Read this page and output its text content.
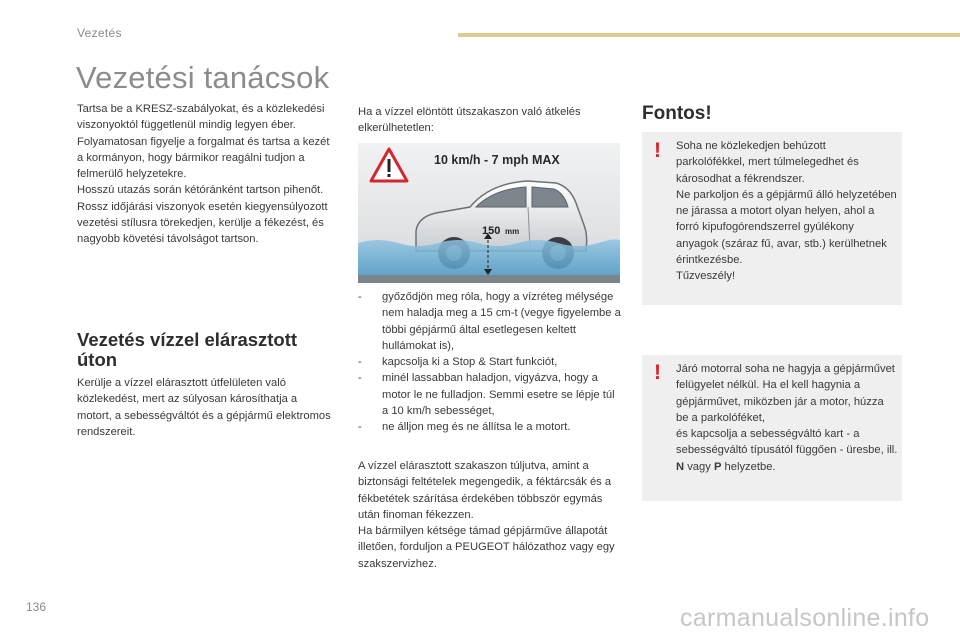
Vezetés
Vezetési tanácsok

Tartsa be a KRESZ-szabályokat, és a közlekedési viszonyoktól függetlenül mindig legyen éber.

Folyamatosan figyelje a forgalmat és tartsa a kezét a kormányon, hogy bármikor reagálni tudjon a felmerülő helyzetekre.

Hosszú utazás során kétóránként tartson pihenőt.

Rossz időjárási viszonyok esetén kiegyensúlyozott vezetési stílusra törekedjen, kerülje a fékezést, és nagyobb követési távolságot tartson.

Vezetés vízzel elárasztott úton
Kerülje a vízzel elárasztott útfelületen való közlekedést, mert az súlyosan károsíthatja a motort, a sebességváltót és a gépjármű elektromos rendszereit.
Ha a vízzel elöntött útszakaszon való átkelés elkerülhetetlen:
10 km/h - 7 mph MAX
150 mm
-	győződjön meg róla, hogy a vízréteg mélysége nem haladja meg a 15 cm-t (vegye figyelembe a többi gépjármű által esetlegesen keltett hullámokat is),
-	kapcsolja ki a Stop & Start funkciót,
-	minél lassabban haladjon, vigyázva, hogy a motor le ne fulladjon. Semmi esetre se lépje túl a 10 km/h sebességet,
-	ne álljon meg és ne állítsa le a motort.

A vízzel elárasztott szakaszon túljutva, amint a biztonsági feltételek megengedik, a féktárcsák és a fékbetétek szárítása érdekében többször egymás után finoman fékezzen.

Ha bármilyen kétsége támad gépjárműve állapotát illetően, forduljon a PEUGEOT hálózathoz vagy egy szakszervizhez.

Fontos!
! Soha ne közlekedjen behúzott parkolófékkel, mert túlmelegedhet és károsodhat a fékrendszer.
Ne parkoljon és a gépjármű álló helyzetében ne járassa a motort olyan helyen, ahol a forró kipufogórendszerrel gyúlékony anyagok (száraz fű, avar, stb.) kerülhetnek érintkezésbe.
Tűzveszély!
! Járó motorral soha ne hagyja a gépjárművet felügyelet nélkül. Ha el kell hagynia a gépjárművet, miközben jár a motor, húzza be a parkolóféket,
és kapcsolja a sebességváltó kart - a sebességváltó típusától függően - üresbe, ill. N vagy P helyzetbe.
136	carmanualsonline.info
